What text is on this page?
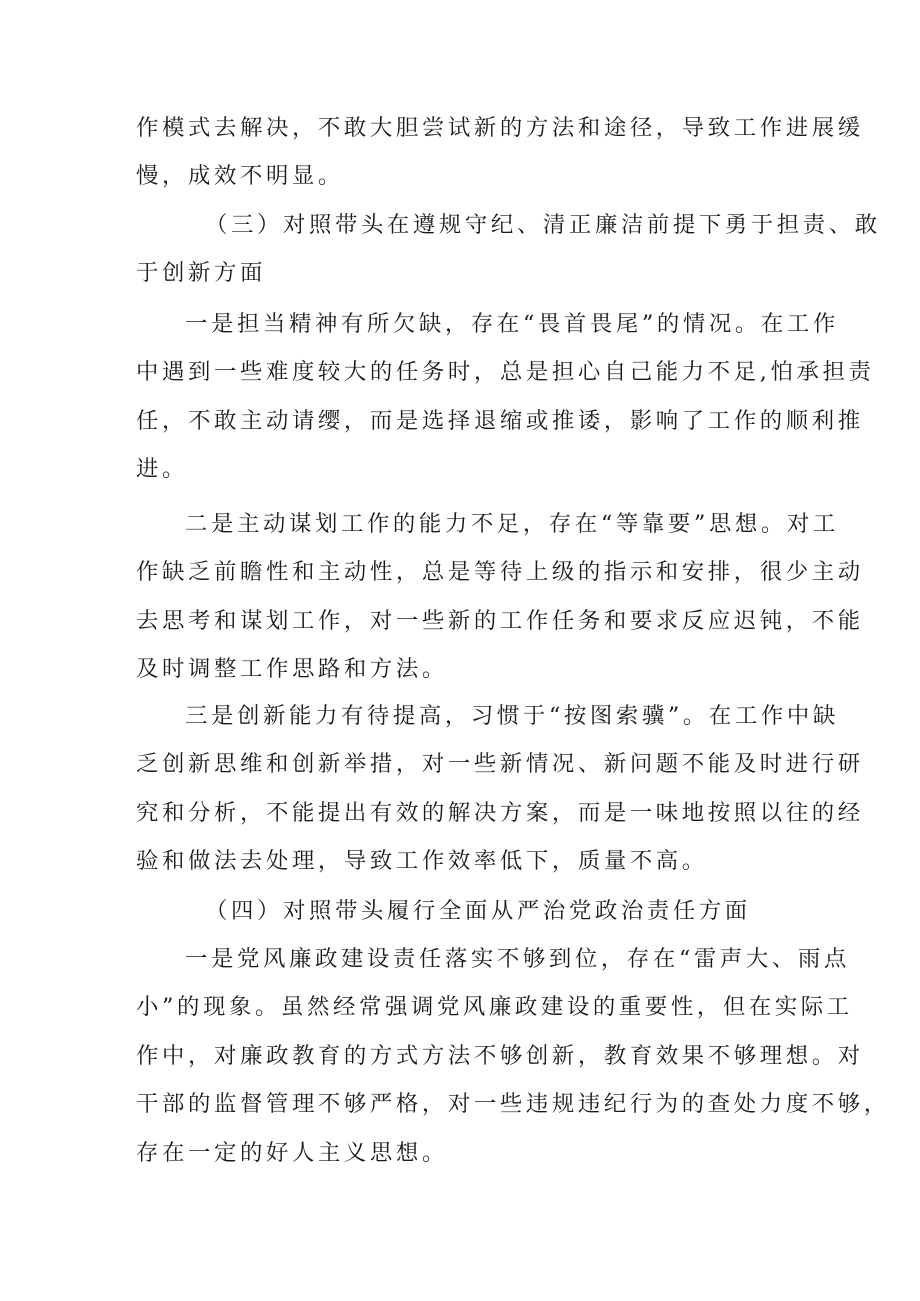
作模式去解决，不敢大胆尝试新的方法和途径，导致工作进展缓
慢，成效不明显。

（三）对照带头在遵规守纪、清正廉洁前提下勇于担责、敢
于创新方面

一是担当精神有所欠缺，存在“畏首畏尾”的情况。在工作
中遇到一些难度较大的任务时，总是担心自己能力不足,怕承担责
任，不敢主动请缨，而是选择退缩或推诿，影响了工作的顺利推
进。

二是主动谋划工作的能力不足，存在“等靠要”思想。对工
作缺乏前瞻性和主动性，总是等待上级的指示和安排，很少主动
去思考和谋划工作，对一些新的工作任务和要求反应迟钝，不能
及时调整工作思路和方法。

三是创新能力有待提高，习惯于“按图索骥”。在工作中缺
乏创新思维和创新举措，对一些新情况、新问题不能及时进行研
究和分析，不能提出有效的解决方案，而是一味地按照以往的经
验和做法去处理，导致工作效率低下，质量不高。

（四）对照带头履行全面从严治党政治责任方面

一是党风廉政建设责任落实不够到位，存在“雷声大、雨点
小”的现象。虽然经常强调党风廉政建设的重要性，但在实际工
作中，对廉政教育的方式方法不够创新，教育效果不够理想。对
干部的监督管理不够严格，对一些违规违纪行为的查处力度不够，
存在一定的好人主义思想。
